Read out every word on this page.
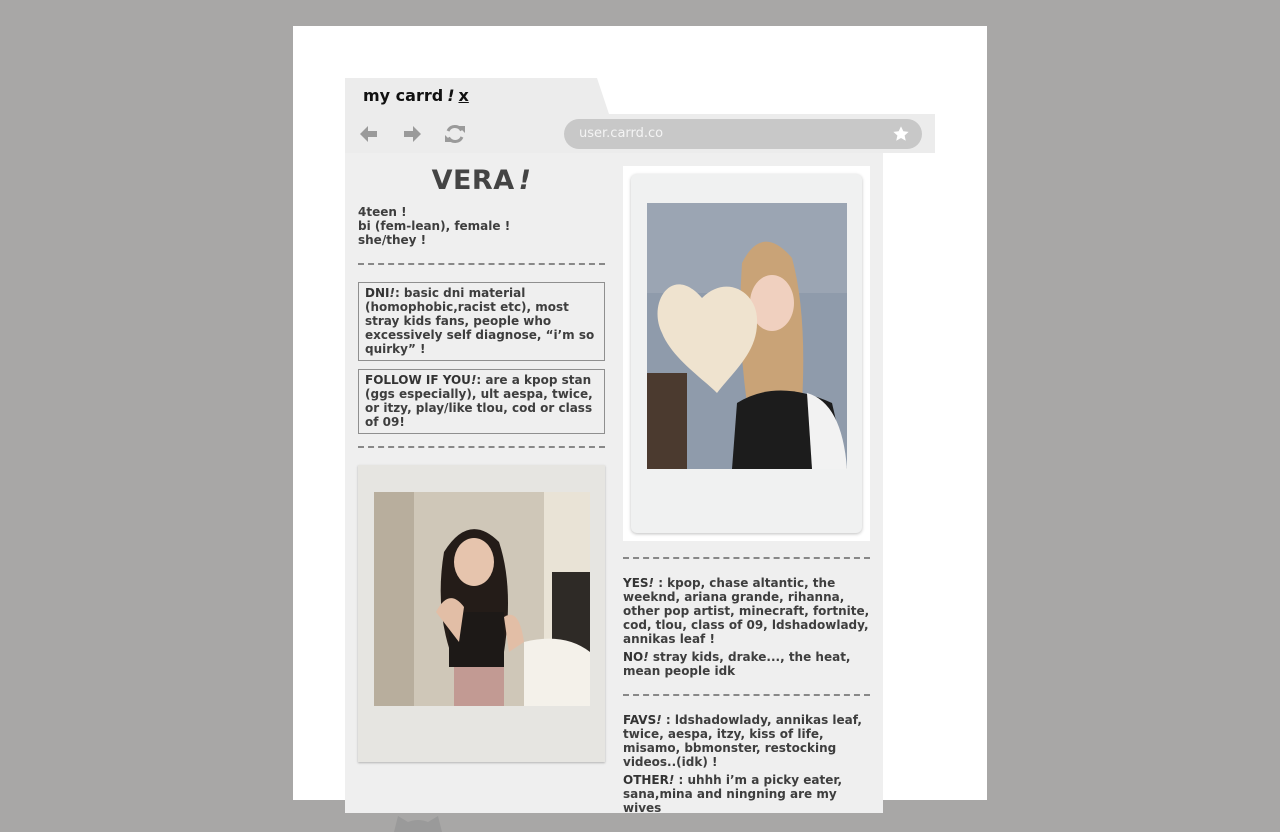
my carrd ! x
user.carrd.co
VERA !
4teen !
bi (fem-lean), female !
she/they !
DNI!: basic dni material (homophobic,racist etc), most stray kids fans, people who excessively self diagnose, “i’m so quirky” !
FOLLOW IF YOU!: are a kpop stan (ggs especially), ult aespa, twice, or itzy, play/like tlou, cod or class of 09!
YES! : kpop, chase altantic, the weeknd, ariana grande, rihanna, other pop artist, minecraft, fortnite, cod, tlou, class of 09, ldshadowlady, annikas leaf !
NO! stray kids, drake..., the heat, mean people idk
FAVS! : ldshadowlady, annikas leaf, twice, aespa, itzy, kiss of life, misamo, bbmonster, restocking videos..(idk) !
OTHER! : uhhh i’m a picky eater, sana,mina and ningning are my wives
